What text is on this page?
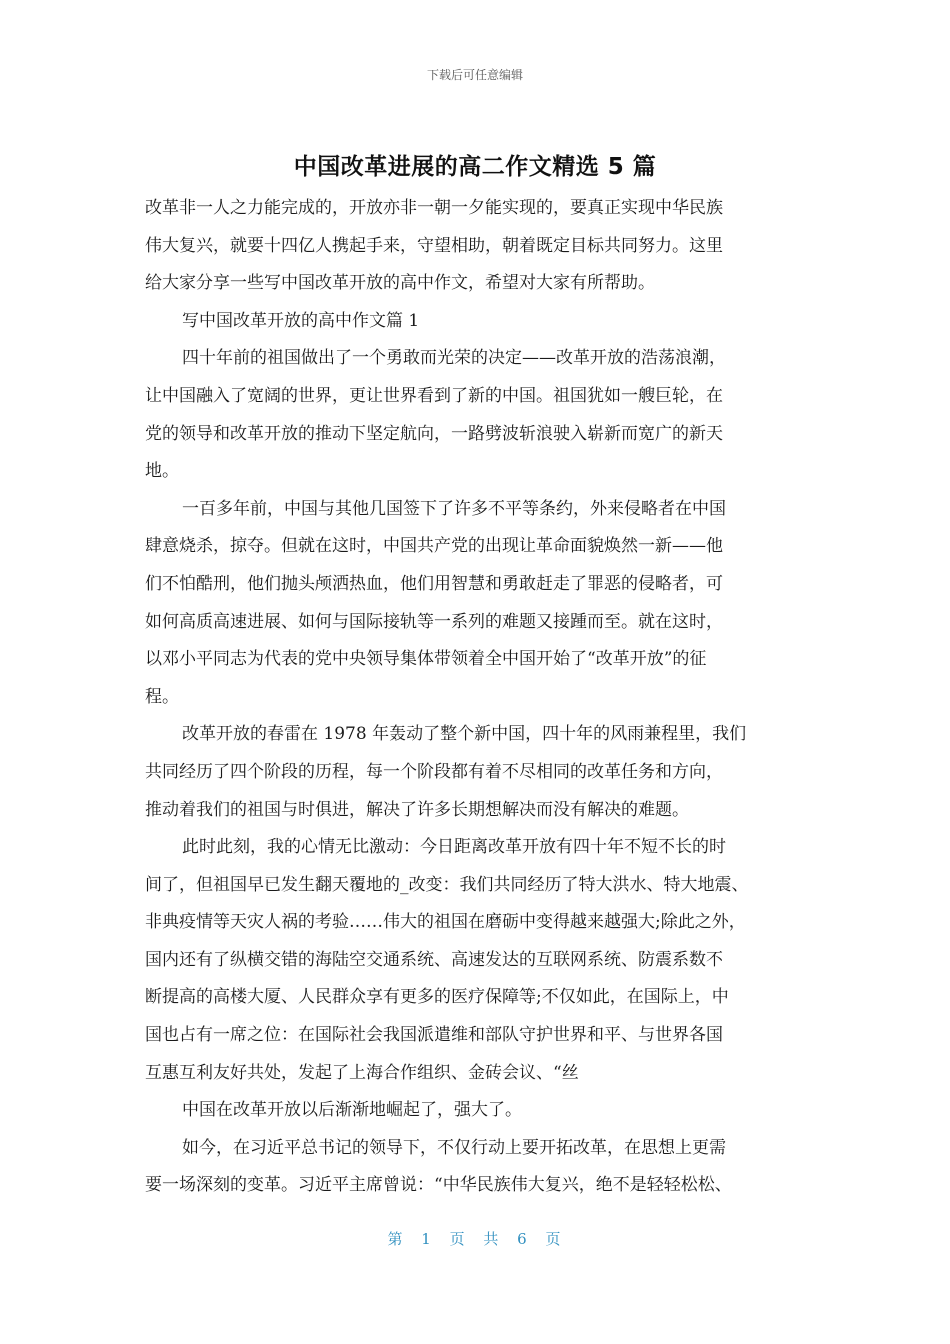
下载后可任意编辑
中国改革进展的高二作文精选 5 篇
改革非一人之力能完成的，开放亦非一朝一夕能实现的，要真正实现中华民族
伟大复兴，就要十四亿人携起手来，守望相助，朝着既定目标共同努力。这里
给大家分享一些写中国改革开放的高中作文，希望对大家有所帮助。
写中国改革开放的高中作文篇 1
四十年前的祖国做出了一个勇敢而光荣的决定——改革开放的浩荡浪潮，
让中国融入了宽阔的世界，更让世界看到了新的中国。祖国犹如一艘巨轮，在
党的领导和改革开放的推动下坚定航向，一路劈波斩浪驶入崭新而宽广的新天
地。
一百多年前，中国与其他几国签下了许多不平等条约，外来侵略者在中国
肆意烧杀，掠夺。但就在这时，中国共产党的出现让革命面貌焕然一新——他
们不怕酷刑，他们抛头颅洒热血，他们用智慧和勇敢赶走了罪恶的侵略者，可
如何高质高速进展、如何与国际接轨等一系列的难题又接踵而至。就在这时，
以邓小平同志为代表的党中央领导集体带领着全中国开始了“改革开放”的征
程。
改革开放的春雷在 1978 年轰动了整个新中国，四十年的风雨兼程里，我们
共同经历了四个阶段的历程，每一个阶段都有着不尽相同的改革任务和方向，
推动着我们的祖国与时俱进，解决了许多长期想解决而没有解决的难题。
此时此刻，我的心情无比激动：今日距离改革开放有四十年不短不长的时
间了，但祖国早已发生翻天覆地的_改变：我们共同经历了特大洪水、特大地震、
非典疫情等天灾人祸的考验……伟大的祖国在磨砺中变得越来越强大;除此之外，
国内还有了纵横交错的海陆空交通系统、高速发达的互联网系统、防震系数不
断提高的高楼大厦、人民群众享有更多的医疗保障等;不仅如此，在国际上，中
国也占有一席之位：在国际社会我国派遣维和部队守护世界和平、与世界各国
互惠互利友好共处，发起了上海合作组织、金砖会议、“丝
中国在改革开放以后渐渐地崛起了，强大了。
如今，在习近平总书记的领导下，不仅行动上要开拓改革，在思想上更需
要一场深刻的变革。习近平主席曾说：“中华民族伟大复兴，绝不是轻轻松松、
第 1 页 共 6 页
